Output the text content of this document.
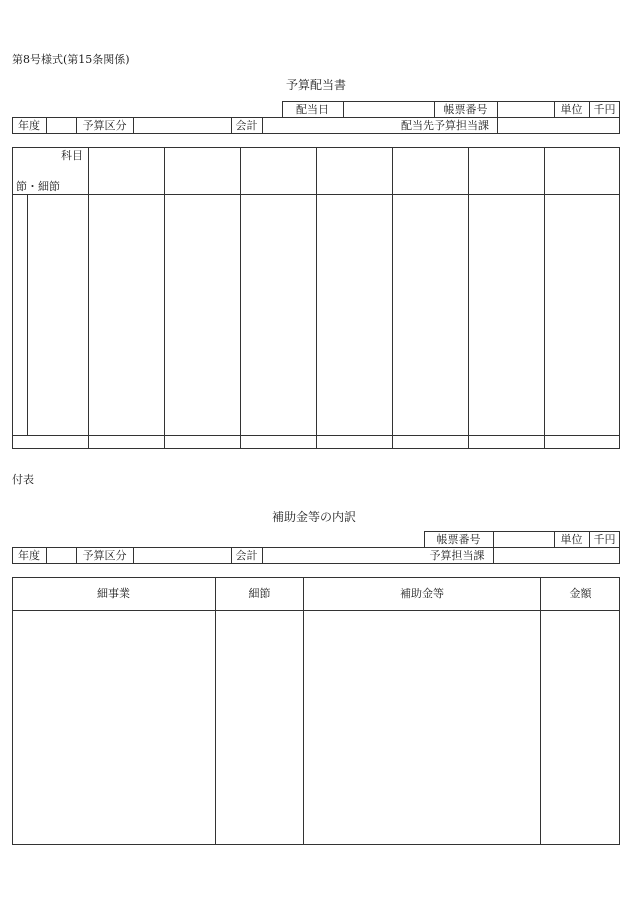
第8号様式(第15条関係)
予算配当書
配当日	帳票番号	単位	千円
年度	予算区分	会計	配当先予算担当課
科目
節・細節
付表
補助金等の内訳
帳票番号	単位	千円
年度	予算区分	会計	予算担当課
細事業	細節	補助金等	金額
